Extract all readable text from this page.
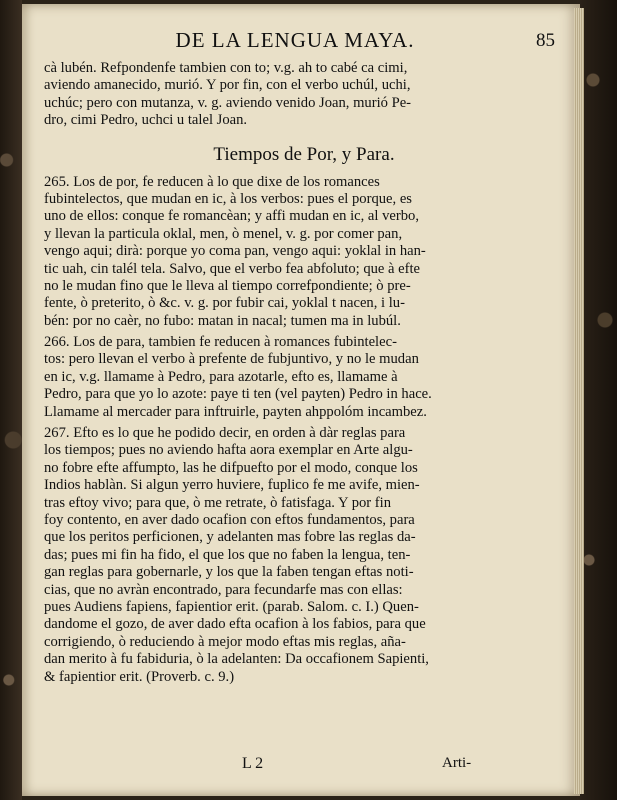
DE LA LENGUA MAYA.	85
cà lubén. Refpondenfe tambien con to; v.g. ah to cabé ca cimi,
aviendo amanecido, murió. Y por fin, con el verbo uchúl, uchi,
uchúc; pero con mutanza, v. g. aviendo venido Joan, murió Pe-
dro, cimi Pedro, uchci u talel Joan.
Tiempos de Por, y Para.
265. Los de por, fe reducen à lo que dixe de los romances
fubintelectos, que mudan en ic, à los verbos: pues el porque, es
uno de ellos: conque fe romancèan; y affi mudan en ic, al verbo,
y llevan la particula oklal, men, ò menel, v. g. por comer pan,
vengo aqui; dirà: porque yo coma pan, vengo aqui: yoklal in han-
tic uah, cin talél tela. Salvo, que el verbo fea abfoluto; que à efte
no le mudan fino que le lleva al tiempo correfpondiente; ò pre-
fente, ò preterito, ò &c. v. g. por fubir cai, yoklal t nacen, i lu-
bén: por no caèr, no fubo: matan in nacal; tumen ma in lubúl.
266. Los de para, tambien fe reducen à romances fubintelec-
tos: pero llevan el verbo à prefente de fubjuntivo, y no le mudan
en ic, v.g. llamame à Pedro, para azotarle, efto es, llamame à
Pedro, para que yo lo azote: paye ti ten (vel payten) Pedro in hace.
Llamame al mercader para inftruirle, payten ahppolóm incambez.
267. Efto es lo que he podido decir, en orden à dàr reglas para
los tiempos; pues no aviendo hafta aora exemplar en Arte algu-
no fobre efte affumpto, las he difpuefto por el modo, conque los
Indios hablàn. Si algun yerro huviere, fuplico fe me avife, mien-
tras eftoy vivo; para que, ò me retrate, ò fatisfaga. Y por fin
foy contento, en aver dado ocafion con eftos fundamentos, para
que los peritos perficionen, y adelanten mas fobre las reglas da-
das; pues mi fin ha fido, el que los que no faben la lengua, ten-
gan reglas para gobernarle, y los que la faben tengan eftas noti-
cias, que no avràn encontrado, para fecundarfe mas con ellas:
pues Audiens fapiens, fapientior erit. (parab. Salom. c. I.) Quen-
dandome el gozo, de aver dado efta ocafion à los fabios, para que
corrigiendo, ò reduciendo à mejor modo eftas mis reglas, aña-
dan merito à fu fabiduria, ò la adelanten: Da occafionem Sapienti,
& fapientior erit. (Proverb. c. 9.)
L 2	Arti-
